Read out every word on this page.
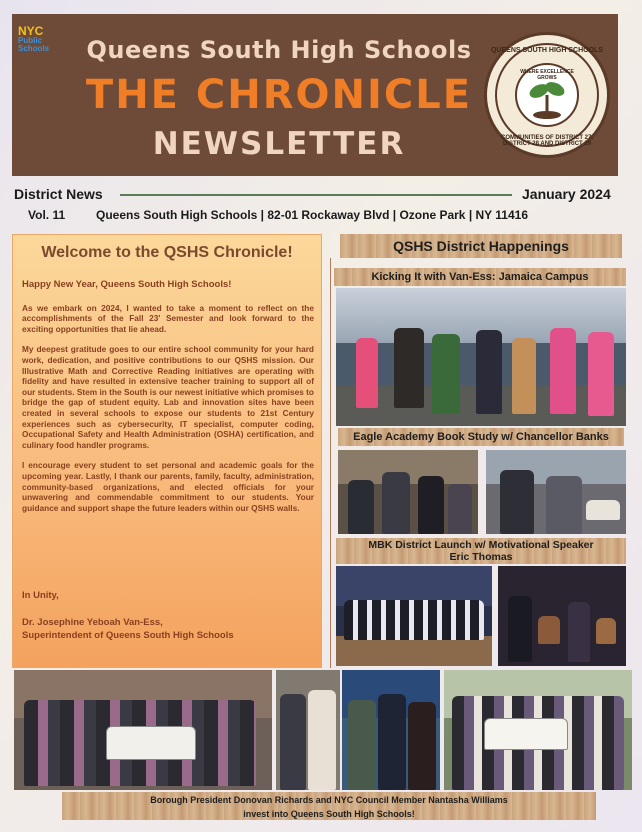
NYC
Public
Schools	Queens South High Schools
THE CHRONICLE
NEWSLETTER
QUEENS SOUTH HIGH SCHOOLS
WHERE EXCELLENCE GROWS
COMMUNITIES OF DISTRICT 27, DISTRICT 28 AND DISTRICT 29
District News	January 2024
Vol. 11	Queens South High Schools | 82-01 Rockaway Blvd | Ozone Park | NY 11416
Welcome to the QSHS Chronicle!

Happy New Year, Queens South High Schools!

As we embark on 2024, I wanted to take a moment to reflect on the accomplishments of the Fall 23' Semester and look forward to the exciting opportunities that lie ahead.

My deepest gratitude goes to our entire school community for your hard work, dedication, and positive contributions to our QSHS mission. Our Illustrative Math and Corrective Reading initiatives are operating with fidelity and have resulted in extensive teacher training to support all of our students. Stem in the South is our newest initiative which promises to bridge the gap of student equity. Lab and innovation sites have been created in several schools to expose our students to 21st Century experiences such as cybersecurity, IT specialist, computer coding, Occupational Safety and Health Administration (OSHA) certification, and culinary food handler programs.

I encourage every student to set personal and academic goals for the upcoming year. Lastly, I thank our parents, family, faculty, administration, community-based organizations, and elected officials for your unwavering and commendable commitment to our students. Your guidance and support shape the future leaders within our QSHS walls.

In Unity,
Dr. Josephine Yeboah Van-Ess,
Superintendent of Queens South High Schools
QSHS District Happenings
Kicking It with Van-Ess: Jamaica Campus
Eagle Academy Book Study w/ Chancellor Banks
MBK District Launch w/ Motivational Speaker
Eric Thomas
Borough President Donovan Richards and NYC Council Member Nantasha Williams
invest into Queens South High Schools!
